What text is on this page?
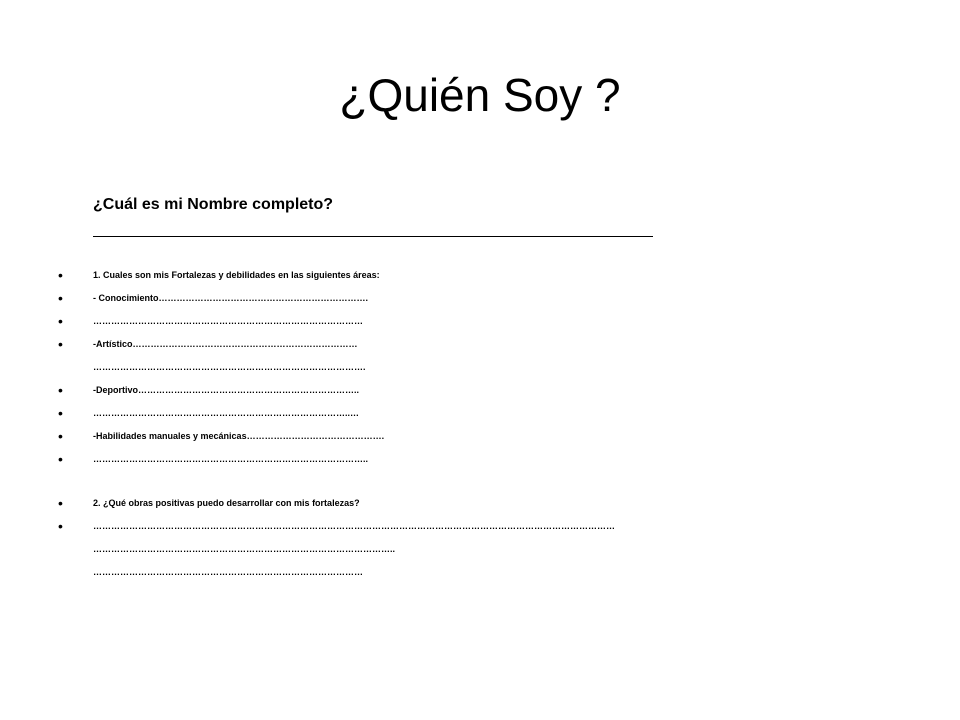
¿Quién Soy ?
¿Cuál es mi Nombre completo?
•	1. Cuales son mis Fortalezas y debilidades en las siguientes áreas:
•	- Conocimiento…………………………………………………………….
•	………………………………………………………………………………
•	-Artístico…………………………………………………………………
……………………………………………………………………………….
•	-Deportivo………………………………………………………………..
•	…………………………………………………………………………..…
•	-Habilidades manuales y mecánicas……………………………………….
•	………………………………………………………………………………..
•	2. ¿Qué obras positivas puedo desarrollar con mis fortalezas?
•	…………………………………………………………………………………………………………………………………………………………
………………………………………………………………………………………..
………………………………………………………………………………
